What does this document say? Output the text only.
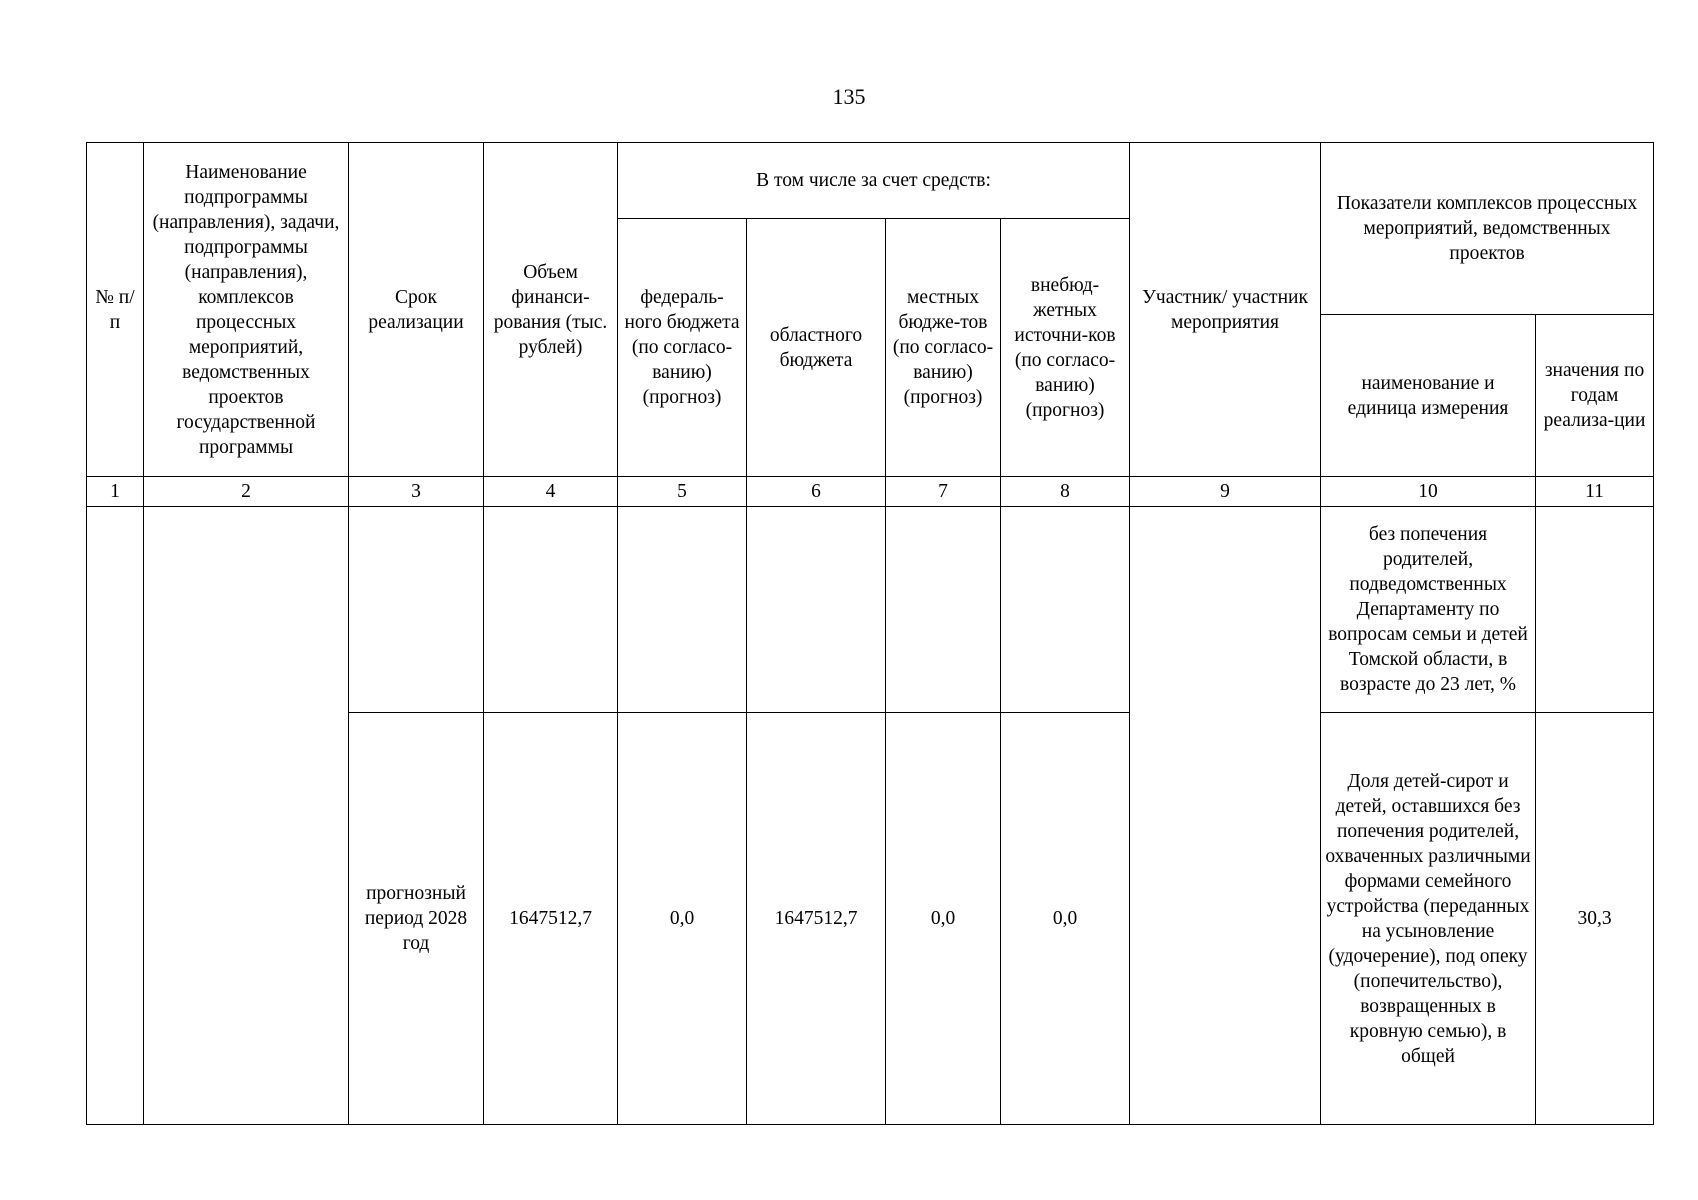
135
№ п/п	Наименование подпрограммы (направления), задачи, подпрограммы (направления), комплексов процессных мероприятий, ведомственных проектов государственной программы	Срок реализации	Объем финанси-рования (тыс. рублей)	В том числе за счет средств:				Участник/ участник мероприятия	Показатели комплексов процессных мероприятий, ведомственных проектов	
				федераль-ного бюджета (по согласо-ванию) (прогноз)	областного бюджета	местных бюдже-тов (по согласо-ванию) (прогноз)	внебюд-жетных источни-ков (по согласо-ванию) (прогноз)			
									наименование и единица измерения	значения по годам реализа-ции
1	2	3	4	5	6	7	8	9	10	11
									без попечения родителей, подведомственных Департаменту по вопросам семьи и детей Томской области, в возрасте до 23 лет, %	
		прогнозный период 2028 год	1647512,7	0,0	1647512,7	0,0	0,0		Доля детей-сирот и детей, оставшихся без попечения родителей, охваченных различными формами семейного устройства (переданных на усыновление (удочерение), под опеку (попечительство), возвращенных в кровную семью), в общей	30,3
